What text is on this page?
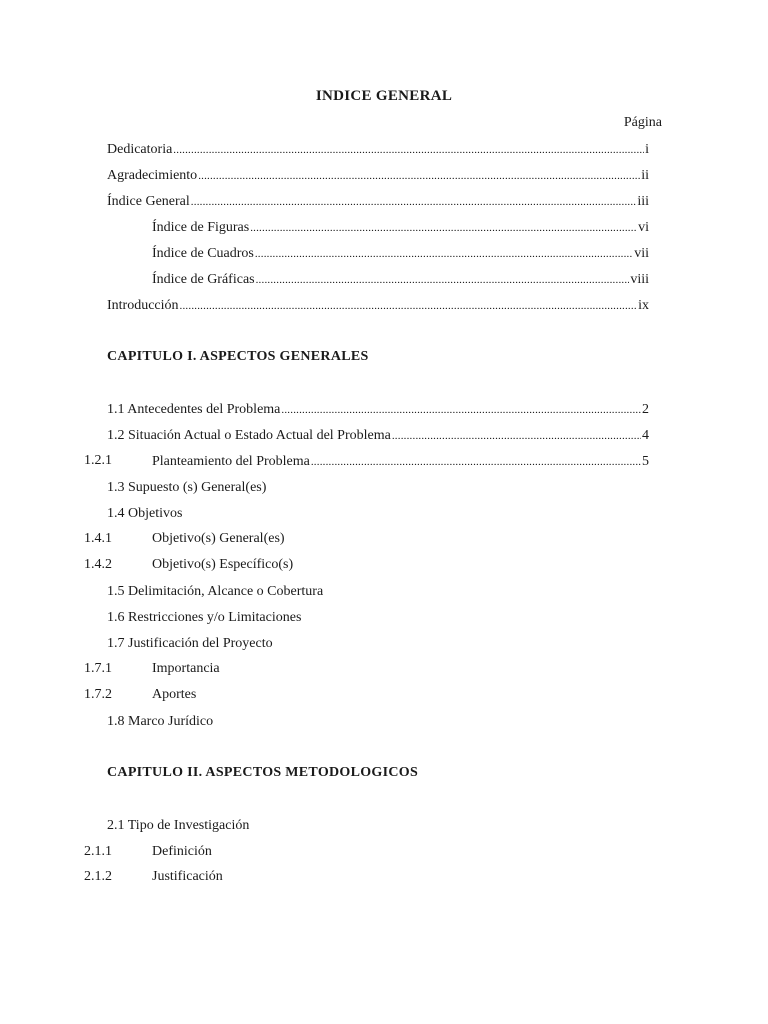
INDICE GENERAL
Página
Dedicatoria .....	i
Agradecimiento .....	ii
Índice General .....	iii
Índice de Figuras .....	vi
Índice de Cuadros .....	vii
Índice de Gráficas .....	viii
Introducción .....	ix
CAPITULO I. ASPECTOS GENERALES
1.1 Antecedentes del Problema .....	2
1.2 Situación Actual o Estado Actual del Problema .....	4
1.2.1	Planteamiento del Problema .....	5
1.3 Supuesto (s) General(es)
1.4 Objetivos
1.4.1	Objetivo(s) General(es)
1.4.2	Objetivo(s) Específico(s)
1.5 Delimitación, Alcance o Cobertura
1.6 Restricciones y/o Limitaciones
1.7 Justificación del Proyecto
1.7.1	Importancia
1.7.2	Aportes
1.8 Marco Jurídico
CAPITULO II. ASPECTOS METODOLOGICOS
2.1 Tipo de Investigación
2.1.1	Definición
2.1.2	Justificación
